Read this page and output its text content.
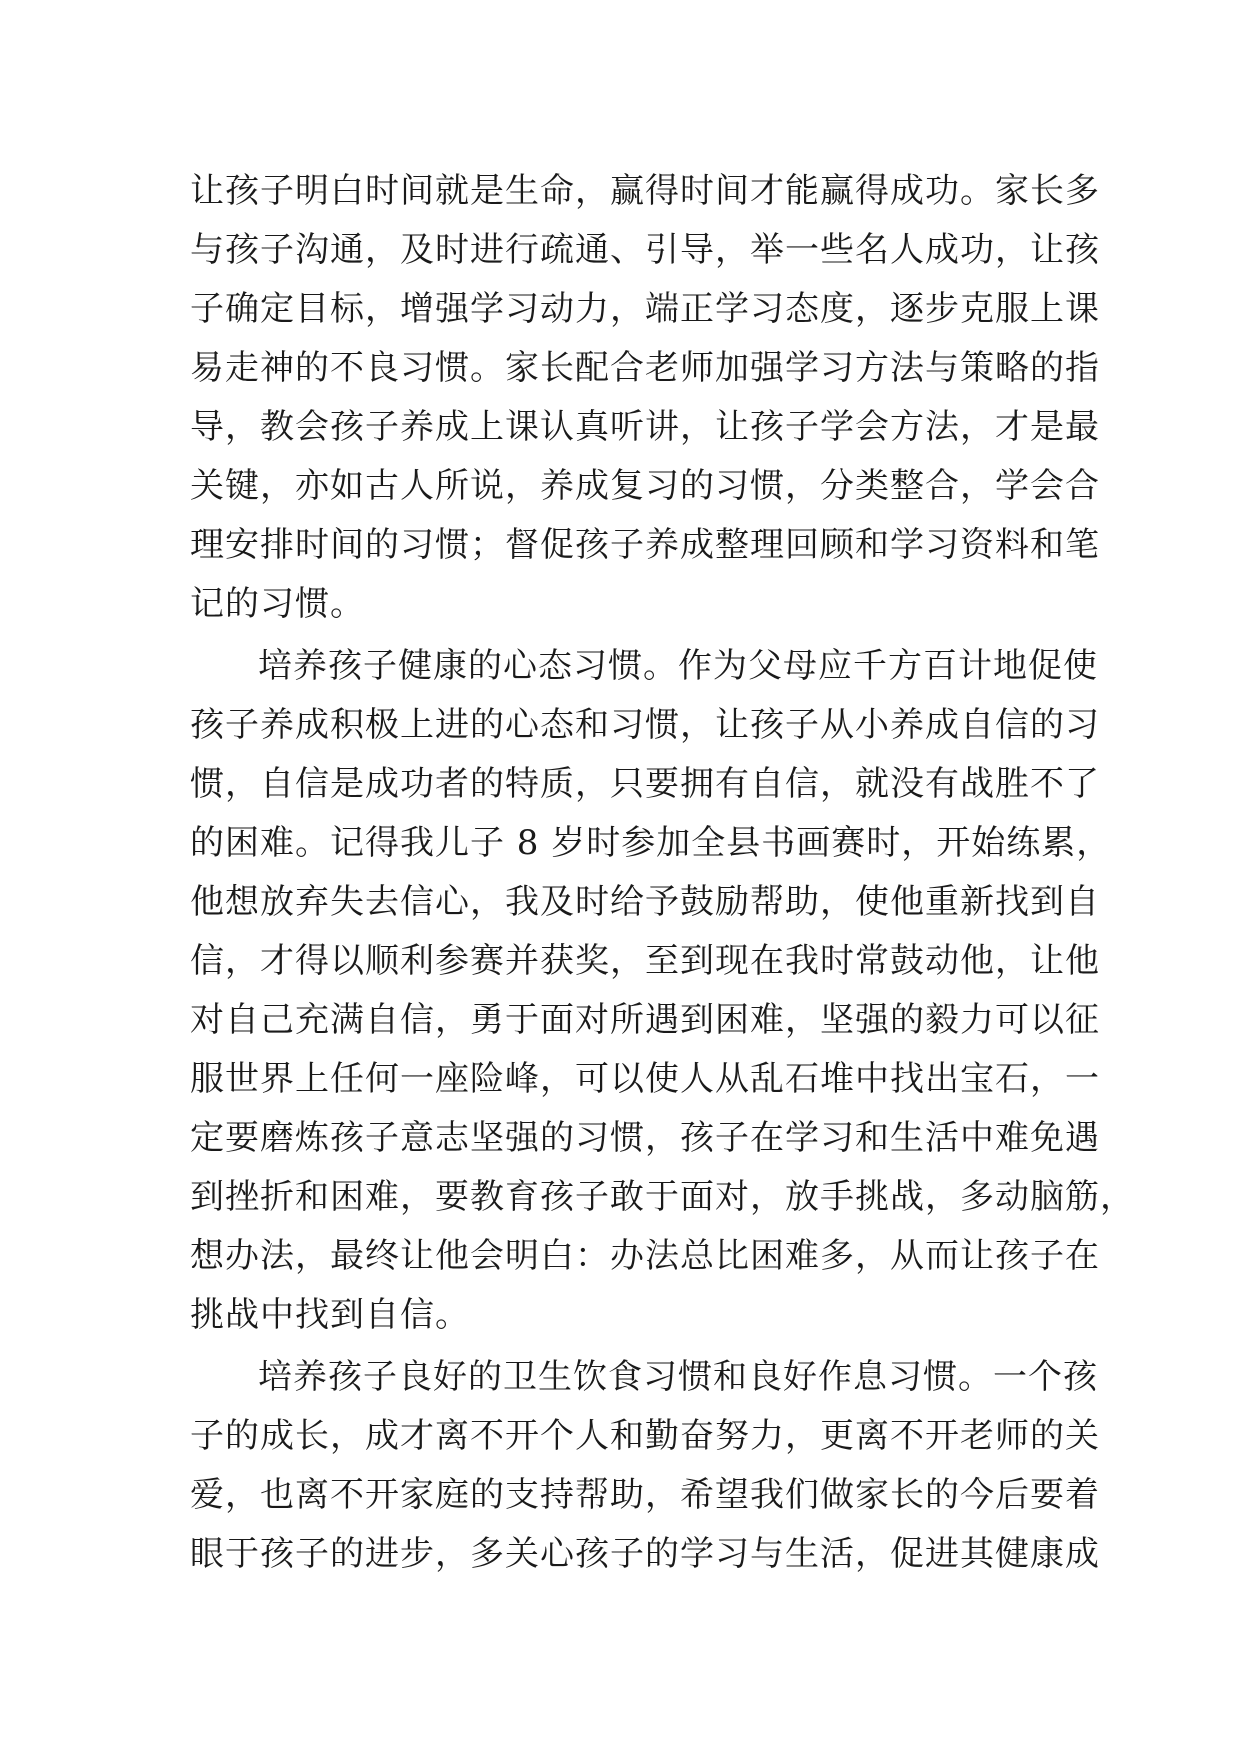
让孩子明白时间就是生命，赢得时间才能赢得成功。家长多
与孩子沟通，及时进行疏通、引导，举一些名人成功，让孩
子确定目标，增强学习动力，端正学习态度，逐步克服上课
易走神的不良习惯。家长配合老师加强学习方法与策略的指
导，教会孩子养成上课认真听讲，让孩子学会方法，才是最
关键，亦如古人所说，养成复习的习惯，分类整合，学会合
理安排时间的习惯；督促孩子养成整理回顾和学习资料和笔
记的习惯。
培养孩子健康的心态习惯。作为父母应千方百计地促使
孩子养成积极上进的心态和习惯，让孩子从小养成自信的习
惯，自信是成功者的特质，只要拥有自信，就没有战胜不了
的困难。记得我儿子 8 岁时参加全县书画赛时，开始练累，
他想放弃失去信心，我及时给予鼓励帮助，使他重新找到自
信，才得以顺利参赛并获奖，至到现在我时常鼓动他，让他
对自己充满自信，勇于面对所遇到困难，坚强的毅力可以征
服世界上任何一座险峰，可以使人从乱石堆中找出宝石，一
定要磨炼孩子意志坚强的习惯，孩子在学习和生活中难免遇
到挫折和困难，要教育孩子敢于面对，放手挑战，多动脑筋，
想办法，最终让他会明白：办法总比困难多，从而让孩子在
挑战中找到自信。
培养孩子良好的卫生饮食习惯和良好作息习惯。一个孩
子的成长，成才离不开个人和勤奋努力，更离不开老师的关
爱，也离不开家庭的支持帮助，希望我们做家长的今后要着
眼于孩子的进步，多关心孩子的学习与生活，促进其健康成
